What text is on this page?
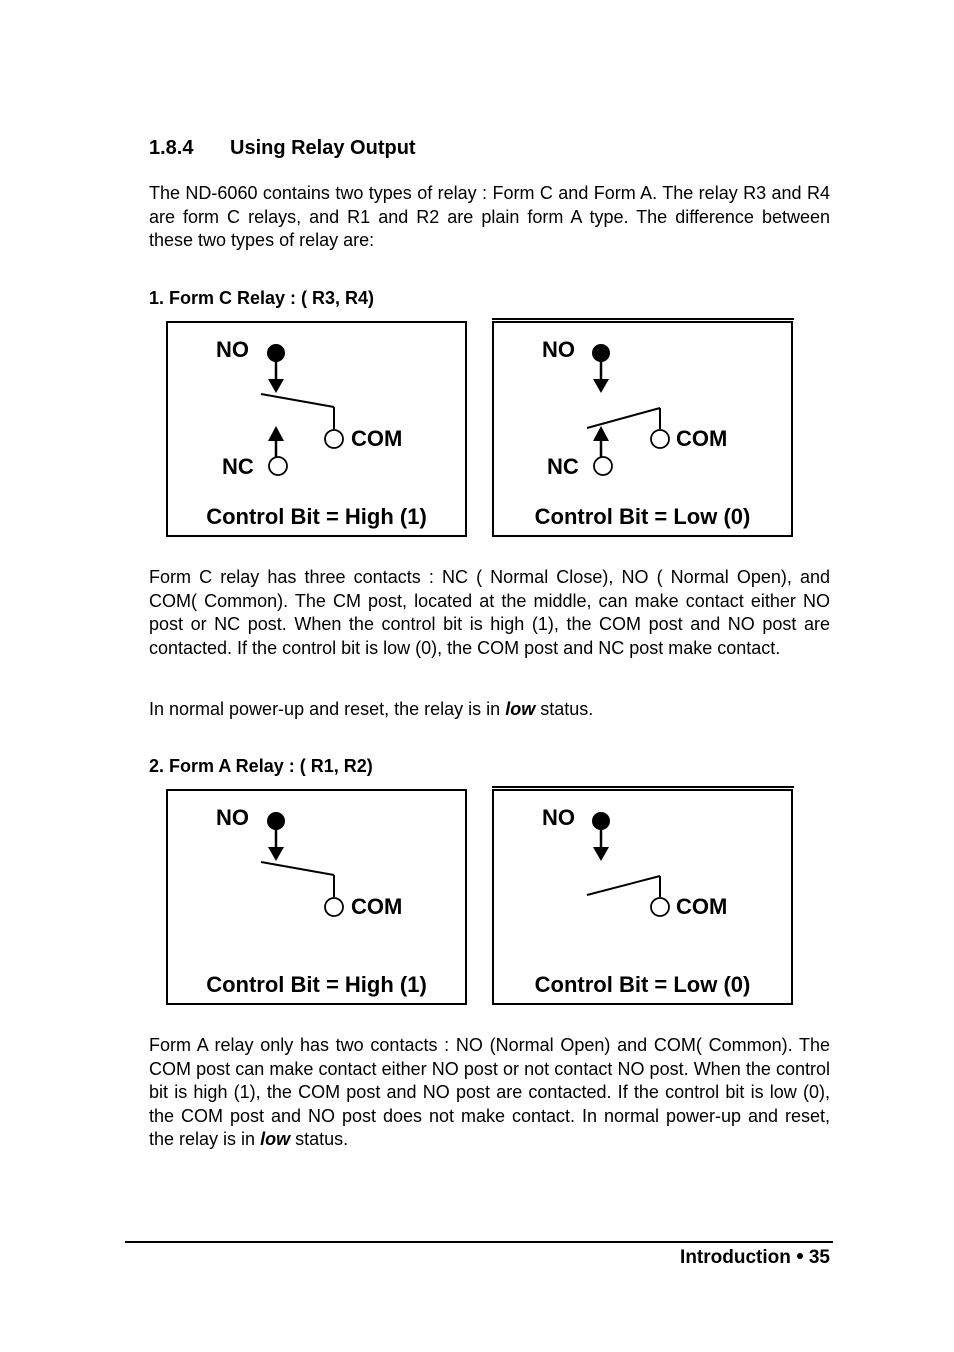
1.8.4 Using Relay Output

The ND-6060 contains two types of relay : Form C and Form A. The relay R3 and R4 are form C relays, and R1 and R2 are plain form A type. The difference between these two types of relay are:

1. Form C Relay : ( R3, R4)
NO
COM
NC
Control Bit = High (1)
NO
COM
NC
Control Bit = Low (0)

Form C relay has three contacts : NC ( Normal Close), NO ( Normal Open), and COM( Common). The CM post, located at the middle, can make contact either NO post or NC post. When the control bit is high (1), the COM post and NO post are contacted. If the control bit is low (0), the COM post and NC post make contact.

In normal power-up and reset, the relay is in low status.

2. Form A Relay : ( R1, R2)
NO
COM
Control Bit = High (1)
NO
COM
Control Bit = Low (0)

Form A relay only has two contacts : NO (Normal Open) and COM( Common). The COM post can make contact either NO post or not contact NO post. When the control bit is high (1), the COM post and NO post are contacted. If the control bit is low (0), the COM post and NO post does not make contact. In normal power-up and reset, the relay is in low status.

Introduction 35
